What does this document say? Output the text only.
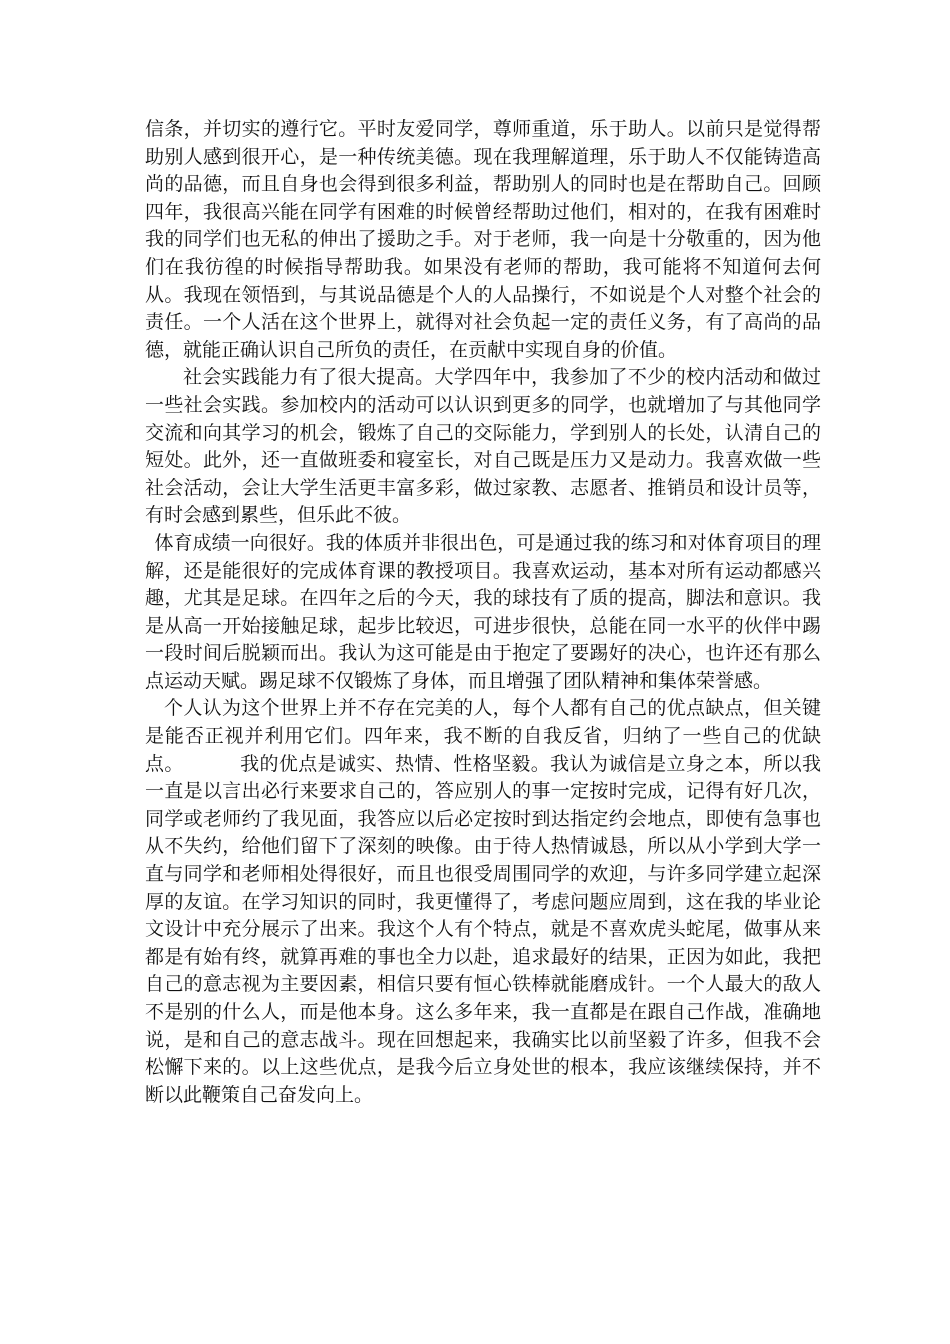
信条，并切实的遵行它。平时友爱同学，尊师重道，乐于助人。以前只是觉得帮助别人感到很开心，是一种传统美德。现在我理解道理，乐于助人不仅能铸造高尚的品德，而且自身也会得到很多利益，帮助别人的同时也是在帮助自己。回顾四年，我很高兴能在同学有困难的时候曾经帮助过他们，相对的，在我有困难时我的同学们也无私的伸出了援助之手。对于老师，我一向是十分敬重的，因为他们在我彷徨的时候指导帮助我。如果没有老师的帮助，我可能将不知道何去何从。我现在领悟到，与其说品德是个人的人品操行，不如说是个人对整个社会的责任。一个人活在这个世界上，就得对社会负起一定的责任义务，有了高尚的品德，就能正确认识自己所负的责任，在贡献中实现自身的价值。

社会实践能力有了很大提高。大学四年中，我参加了不少的校内活动和做过一些社会实践。参加校内的活动可以认识到更多的同学，也就增加了与其他同学交流和向其学习的机会，锻炼了自己的交际能力，学到别人的长处，认清自己的短处。此外，还一直做班委和寝室长，对自己既是压力又是动力。我喜欢做一些社会活动，会让大学生活更丰富多彩，做过家教、志愿者、推销员和设计员等，有时会感到累些，但乐此不彼。

体育成绩一向很好。我的体质并非很出色，可是通过我的练习和对体育项目的理解，还是能很好的完成体育课的教授项目。我喜欢运动，基本对所有运动都感兴趣，尤其是足球。在四年之后的今天，我的球技有了质的提高，脚法和意识。我是从高一开始接触足球，起步比较迟，可进步很快，总能在同一水平的伙伴中踢一段时间后脱颖而出。我认为这可能是由于抱定了要踢好的决心，也许还有那么点运动天赋。踢足球不仅锻炼了身体，而且增强了团队精神和集体荣誉感。

个人认为这个世界上并不存在完美的人，每个人都有自己的优点缺点，但关键是能否正视并利用它们。四年来，我不断的自我反省，归纳了一些自己的优缺点。	我的优点是诚实、热情、性格坚毅。我认为诚信是立身之本，所以我一直是以言出必行来要求自己的，答应别人的事一定按时完成，记得有好几次，同学或老师约了我见面，我答应以后必定按时到达指定约会地点，即使有急事也从不失约，给他们留下了深刻的映像。由于待人热情诚恳，所以从小学到大学一直与同学和老师相处得很好，而且也很受周围同学的欢迎，与许多同学建立起深厚的友谊。在学习知识的同时，我更懂得了，考虑问题应周到，这在我的毕业论文设计中充分展示了出来。我这个人有个特点，就是不喜欢虎头蛇尾，做事从来都是有始有终，就算再难的事也全力以赴，追求最好的结果，正因为如此，我把自己的意志视为主要因素，相信只要有恒心铁棒就能磨成针。一个人最大的敌人不是别的什么人，而是他本身。这么多年来，我一直都是在跟自己作战，准确地说，是和自己的意志战斗。现在回想起来，我确实比以前坚毅了许多，但我不会松懈下来的。以上这些优点，是我今后立身处世的根本，我应该继续保持，并不断以此鞭策自己奋发向上。
